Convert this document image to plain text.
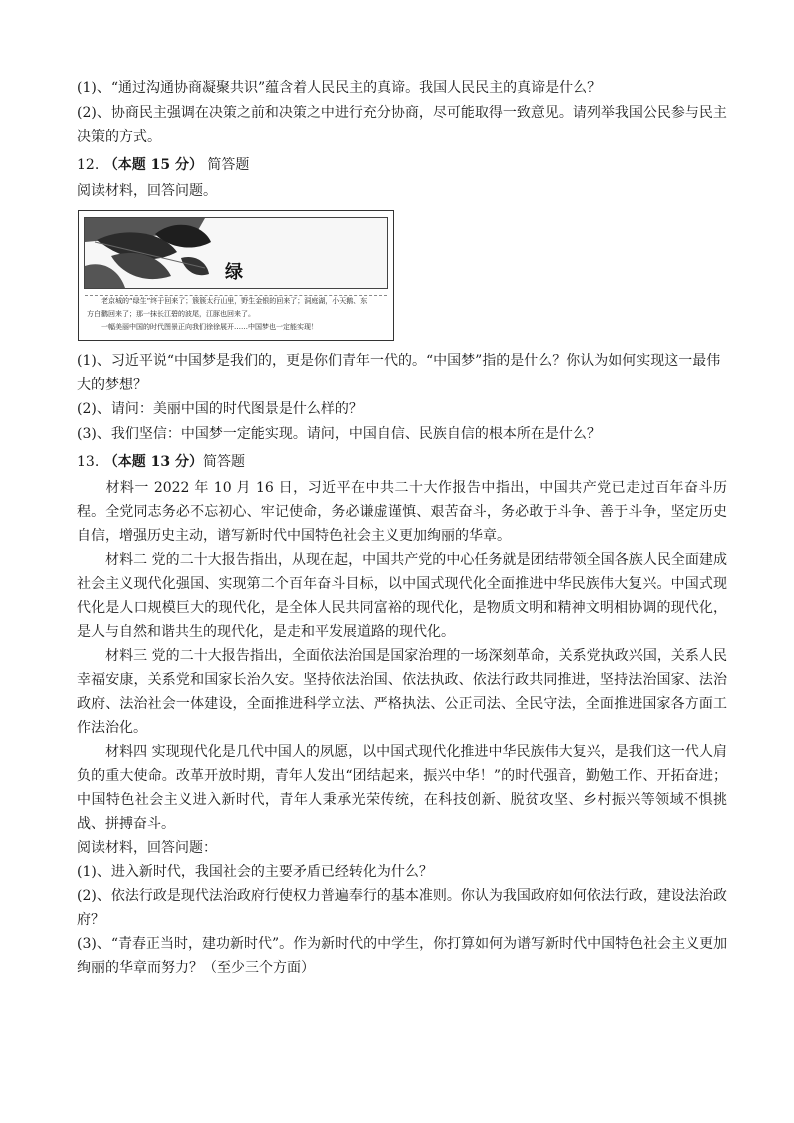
(1)、“通过沟通协商凝聚共识”蕴含着人民民主的真谛。我国人民民主的真谛是什么？
(2)、协商民主强调在决策之前和决策之中进行充分协商，尽可能取得一致意见。请列举我国公民参与民主
决策的方式。
12. （本题 15 分） 简答题
阅读材料，回答问题。
绿
老京城的“绿生”终于回来了；簇簇太行山里，野生金银的回来了；洞庭湖，小天鹅、东
方白鹳回来了；那一抹长江碧的波尾，江豚也回来了。
一幅美丽中国的时代图景正向我们徐徐展开……中国梦也一定能实现！
(1)、习近平说“中国梦是我们的，更是你们青年一代的。“中国梦”指的是什么？你认为如何实现这一最伟
大的梦想？
(2)、请问：美丽中国的时代图景是什么样的？
(3)、我们坚信：中国梦一定能实现。请问，中国自信、民族自信的根本所在是什么？
13. （本题 13 分）简答题
材料一 2022 年 10 月 16 日，习近平在中共二十大作报告中指出，中国共产党已走过百年奋斗历程。全党同志务必不忘初心、牢记使命，务必谦虚谨慎、艰苦奋斗，务必敢于斗争、善于斗争，坚定历史自信，增强历史主动，谱写新时代中国特色社会主义更加绚丽的华章。
材料二 党的二十大报告指出，从现在起，中国共产党的中心任务就是团结带领全国各族人民全面建成社会主义现代化强国、实现第二个百年奋斗目标，以中国式现代化全面推进中华民族伟大复兴。中国式现代化是人口规模巨大的现代化，是全体人民共同富裕的现代化，是物质文明和精神文明相协调的现代化，是人与自然和谐共生的现代化，是走和平发展道路的现代化。
材料三 党的二十大报告指出，全面依法治国是国家治理的一场深刻革命，关系党执政兴国，关系人民幸福安康，关系党和国家长治久安。坚持依法治国、依法执政、依法行政共同推进，坚持法治国家、法治政府、法治社会一体建设，全面推进科学立法、严格执法、公正司法、全民守法，全面推进国家各方面工作法治化。
材料四 实现现代化是几代中国人的夙愿，以中国式现代化推进中华民族伟大复兴，是我们这一代人肩负的重大使命。改革开放时期，青年人发出“团结起来，振兴中华！”的时代强音，勤勉工作、开拓奋进；中国特色社会主义进入新时代，青年人秉承光荣传统，在科技创新、脱贫攻坚、乡村振兴等领域不惧挑战、拼搏奋斗。
阅读材料，回答问题：
(1)、进入新时代，我国社会的主要矛盾已经转化为什么？
(2)、依法行政是现代法治政府行使权力普遍奉行的基本准则。你认为我国政府如何依法行政，建设法治政
府？
(3)、“青春正当时，建功新时代”。作为新时代的中学生，你打算如何为谱写新时代中国特色社会主义更加
绚丽的华章而努力？（至少三个方面）
